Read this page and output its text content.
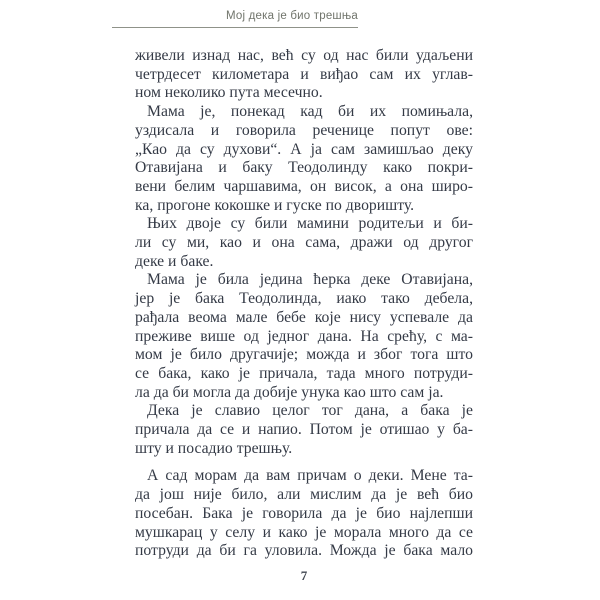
Мој дека је био трешња
живели изнад нас, већ су од нас били удаљени
четрдесет километара и виђао сам их углав-
ном неколико пута месечно.
Мама је, понекад кад би их помињала,
уздисала и говорила реченице попут ове:
„Као да су духови“. А ја сам замишљао деку
Отавијана и баку Теодолинду како покри-
вени белим чаршавима, он висок, а она широ-
ка, прогоне кокошке и гуске по дворишту.
Њих двоје су били мамини родитељи и би-
ли су ми, као и она сама, дражи од другог
деке и баке.
Мама је била једина ћерка деке Отавијана,
јер је бака Теодолинда, иако тако дебела,
рађала веома мале бебе које нису успевале да
преживе више од једног дана. На срећу, с ма-
мом је било другачије; можда и због тога што
се бака, како је причала, тада много потруди-
ла да би могла да добије унука као што сам ја.
Дека је славио целог тог дана, а бака је
причала да се и напио. Потом је отишао у ба-
шту и посадио трешњу.
А сад морам да вам причам о деки. Мене та-
да још није било, али мислим да је већ био
посебан. Бака је говорила да је био најлепши
мушкарац у селу и како је морала много да се
потруди да би га уловила. Можда је бака мало
7
